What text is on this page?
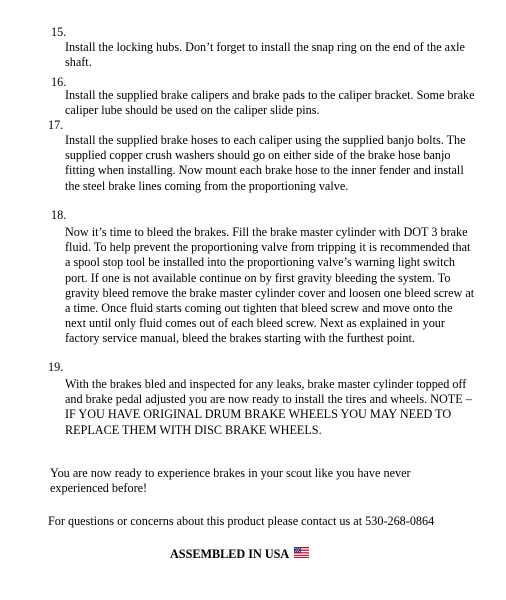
15.

Install the locking hubs. Don’t forget to install the snap ring on the end of the axle shaft.

16.

Install the supplied brake calipers and brake pads to the caliper bracket. Some brake caliper lube should be used on the caliper slide pins.

17.

Install the supplied brake hoses to each caliper using the supplied banjo bolts. The supplied copper crush washers should go on either side of the brake hose banjo fitting when installing. Now mount each brake hose to the inner fender and install the steel brake lines coming from the proportioning valve.

18.

Now it’s time to bleed the brakes. Fill the brake master cylinder with DOT 3 brake fluid. To help prevent the proportioning valve from tripping it is recommended that a spool stop tool be installed into the proportioning valve’s warning light switch port. If one is not available continue on by first gravity bleeding the system. To gravity bleed remove the brake master cylinder cover and loosen one bleed screw at a time. Once fluid starts coming out tighten that bleed screw and move onto the next until only fluid comes out of each bleed screw. Next as explained in your factory service manual, bleed the brakes starting with the furthest point.

19.

With the brakes bled and inspected for any leaks, brake master cylinder topped off and brake pedal adjusted you are now ready to install the tires and wheels. NOTE – IF YOU HAVE ORIGINAL DRUM BRAKE WHEELS YOU MAY NEED TO REPLACE THEM WITH DISC BRAKE WHEELS.

You are now ready to experience brakes in your scout like you have never experienced before!

For questions or concerns about this product please contact us at 530-268-0864

ASSEMBLED IN USA
